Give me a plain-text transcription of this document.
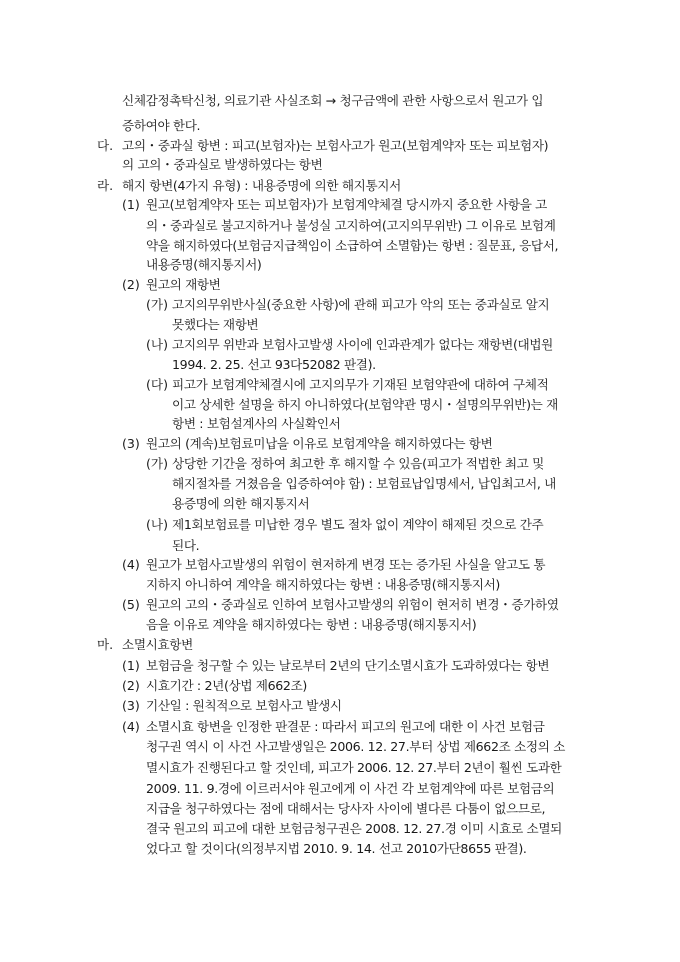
신체감정촉탁신청, 의료기관 사실조회 → 청구금액에 관한 사항으로서 원고가 입
증하여야 한다.
다. 고의・중과실 항변 : 피고(보험자)는 보험사고가 원고(보험계약자 또는 피보험자)
의 고의・중과실로 발생하였다는 항변
라. 해지 항변(4가지 유형) : 내용증명에 의한 해지통지서
(1) 원고(보험계약자 또는 피보험자)가 보험계약체결 당시까지 중요한 사항을 고
의・중과실로 불고지하거나 불성실 고지하여(고지의무위반) 그 이유로 보험계
약을 해지하였다(보험금지급책임이 소급하여 소멸함)는 항변 : 질문표, 응답서,
내용증명(해지통지서)
(2) 원고의 재항변
(가) 고지의무위반사실(중요한 사항)에 관해 피고가 악의 또는 중과실로 알지
못했다는 재항변
(나) 고지의무 위반과 보험사고발생 사이에 인과관계가 없다는 재항변(대법원
1994. 2. 25. 선고 93다52082 판결).
(다) 피고가 보험계약체결시에 고지의무가 기재된 보험약관에 대하여 구체적
이고 상세한 설명을 하지 아니하였다(보험약관 명시・설명의무위반)는 재
항변 : 보험설계사의 사실확인서
(3) 원고의 (계속)보험료미납을 이유로 보험계약을 해지하였다는 항변
(가) 상당한 기간을 정하여 최고한 후 해지할 수 있음(피고가 적법한 최고 및
해지절차를 거쳤음을 입증하여야 함) : 보험료납입명세서, 납입최고서, 내
용증명에 의한 해지통지서
(나) 제1회보험료를 미납한 경우 별도 절차 없이 계약이 해제된 것으로 간주
된다.
(4) 원고가 보험사고발생의 위험이 현저하게 변경 또는 증가된 사실을 알고도 통
지하지 아니하여 계약을 해지하였다는 항변 : 내용증명(해지통지서)
(5) 원고의 고의・중과실로 인하여 보험사고발생의 위험이 현저히 변경・증가하였
음을 이유로 계약을 해지하였다는 항변 : 내용증명(해지통지서)
마. 소멸시효항변
(1) 보험금을 청구할 수 있는 날로부터 2년의 단기소멸시효가 도과하였다는 항변
(2) 시효기간 : 2년(상법 제662조)
(3) 기산일 : 원칙적으로 보험사고 발생시
(4) 소멸시효 항변을 인정한 판결문 : 따라서 피고의 원고에 대한 이 사건 보험금
청구권 역시 이 사건 사고발생일은 2006. 12. 27.부터 상법 제662조 소정의 소
멸시효가 진행된다고 할 것인데, 피고가 2006. 12. 27.부터 2년이 훨씬 도과한
2009. 11. 9.경에 이르러서야 원고에게 이 사건 각 보험계약에 따른 보험금의
지급을 청구하였다는 점에 대해서는 당사자 사이에 별다른 다툼이 없으므로,
결국 원고의 피고에 대한 보험금청구권은 2008. 12. 27.경 이미 시효로 소멸되
었다고 할 것이다(의정부지법 2010. 9. 14. 선고 2010가단8655 판결).
